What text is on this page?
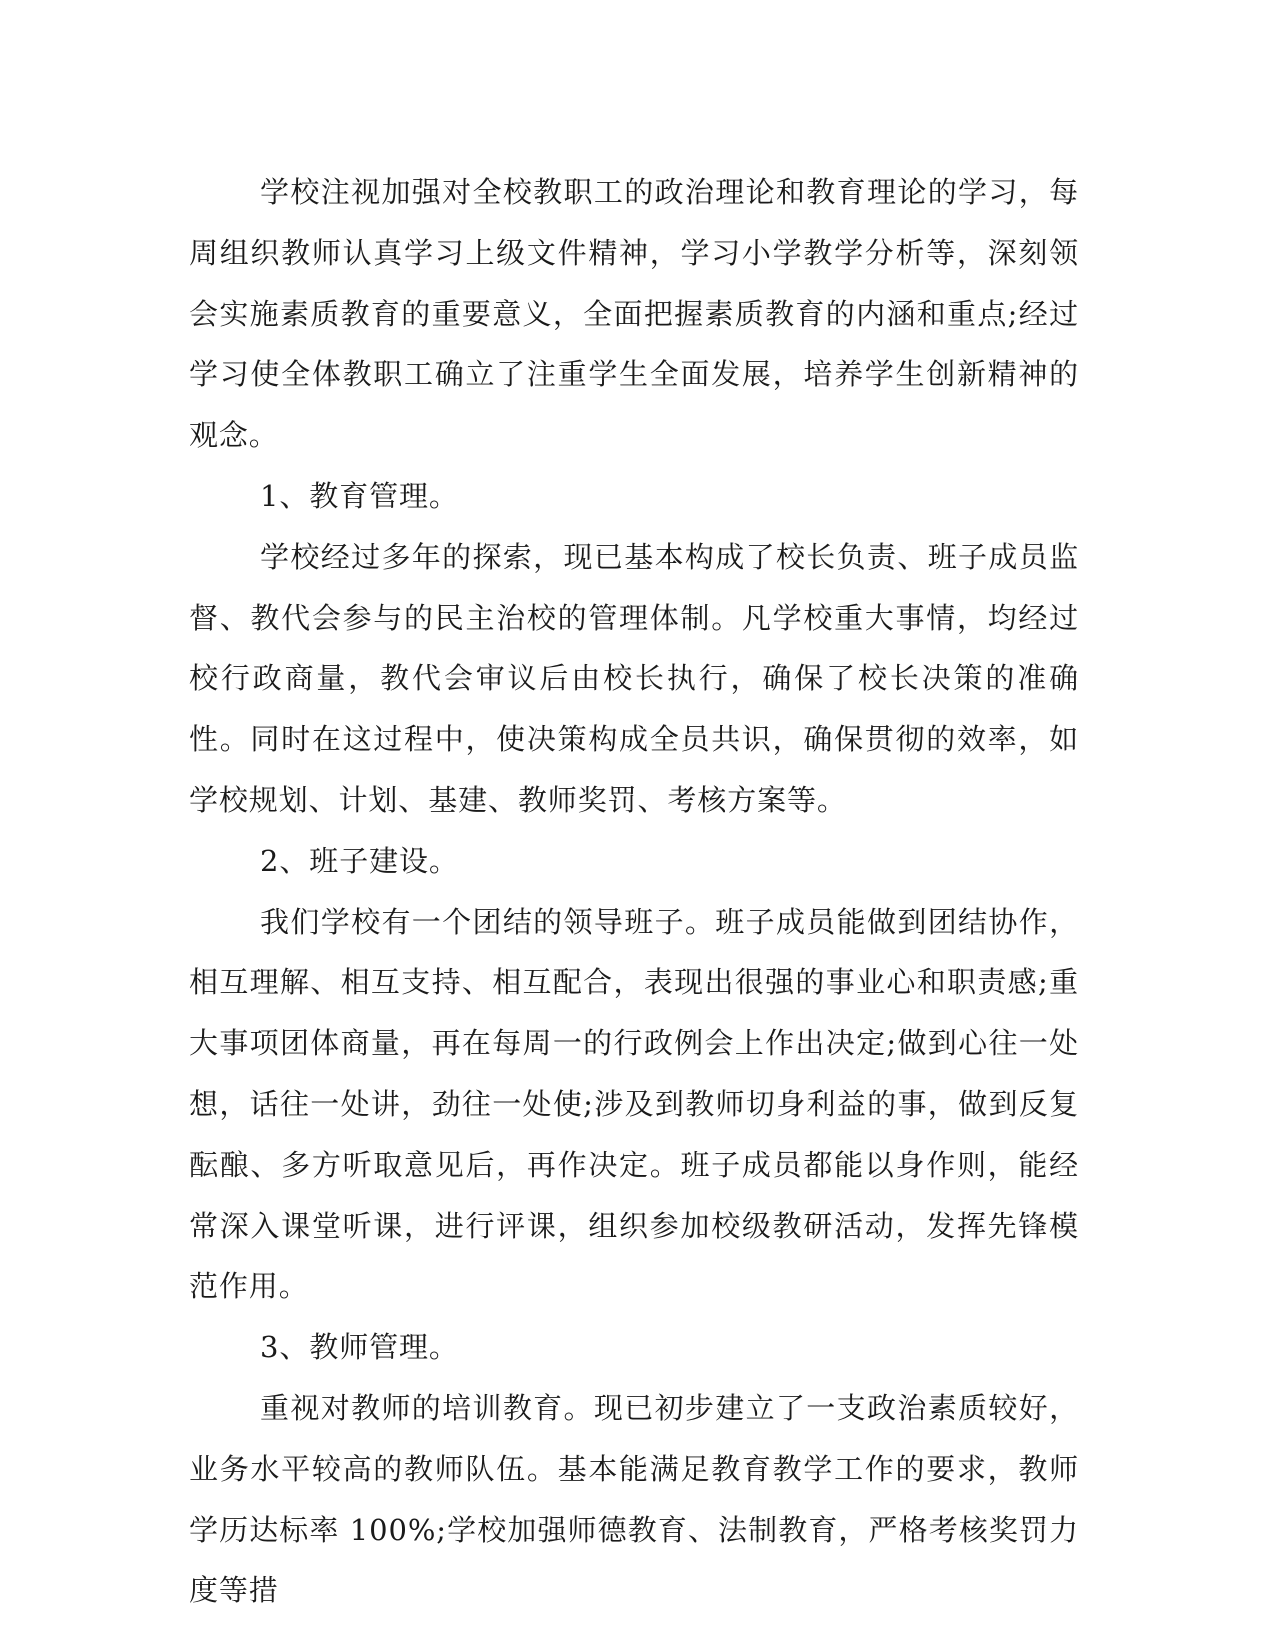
学校注视加强对全校教职工的政治理论和教育理论的学习，每周组织教师认真学习上级文件精神，学习小学教学分析等，深刻领会实施素质教育的重要意义，全面把握素质教育的内涵和重点;经过学习使全体教职工确立了注重学生全面发展，培养学生创新精神的观念。

1、教育管理。

学校经过多年的探索，现已基本构成了校长负责、班子成员监督、教代会参与的民主治校的管理体制。凡学校重大事情，均经过校行政商量，教代会审议后由校长执行，确保了校长决策的准确性。同时在这过程中，使决策构成全员共识，确保贯彻的效率，如学校规划、计划、基建、教师奖罚、考核方案等。

2、班子建设。

我们学校有一个团结的领导班子。班子成员能做到团结协作，相互理解、相互支持、相互配合，表现出很强的事业心和职责感;重大事项团体商量，再在每周一的行政例会上作出决定;做到心往一处想，话往一处讲，劲往一处使;涉及到教师切身利益的事，做到反复酝酿、多方听取意见后，再作决定。班子成员都能以身作则，能经常深入课堂听课，进行评课，组织参加校级教研活动，发挥先锋模范作用。

3、教师管理。

重视对教师的培训教育。现已初步建立了一支政治素质较好，业务水平较高的教师队伍。基本能满足教育教学工作的要求，教师学历达标率 100%;学校加强师德教育、法制教育，严格考核奖罚力度等措
